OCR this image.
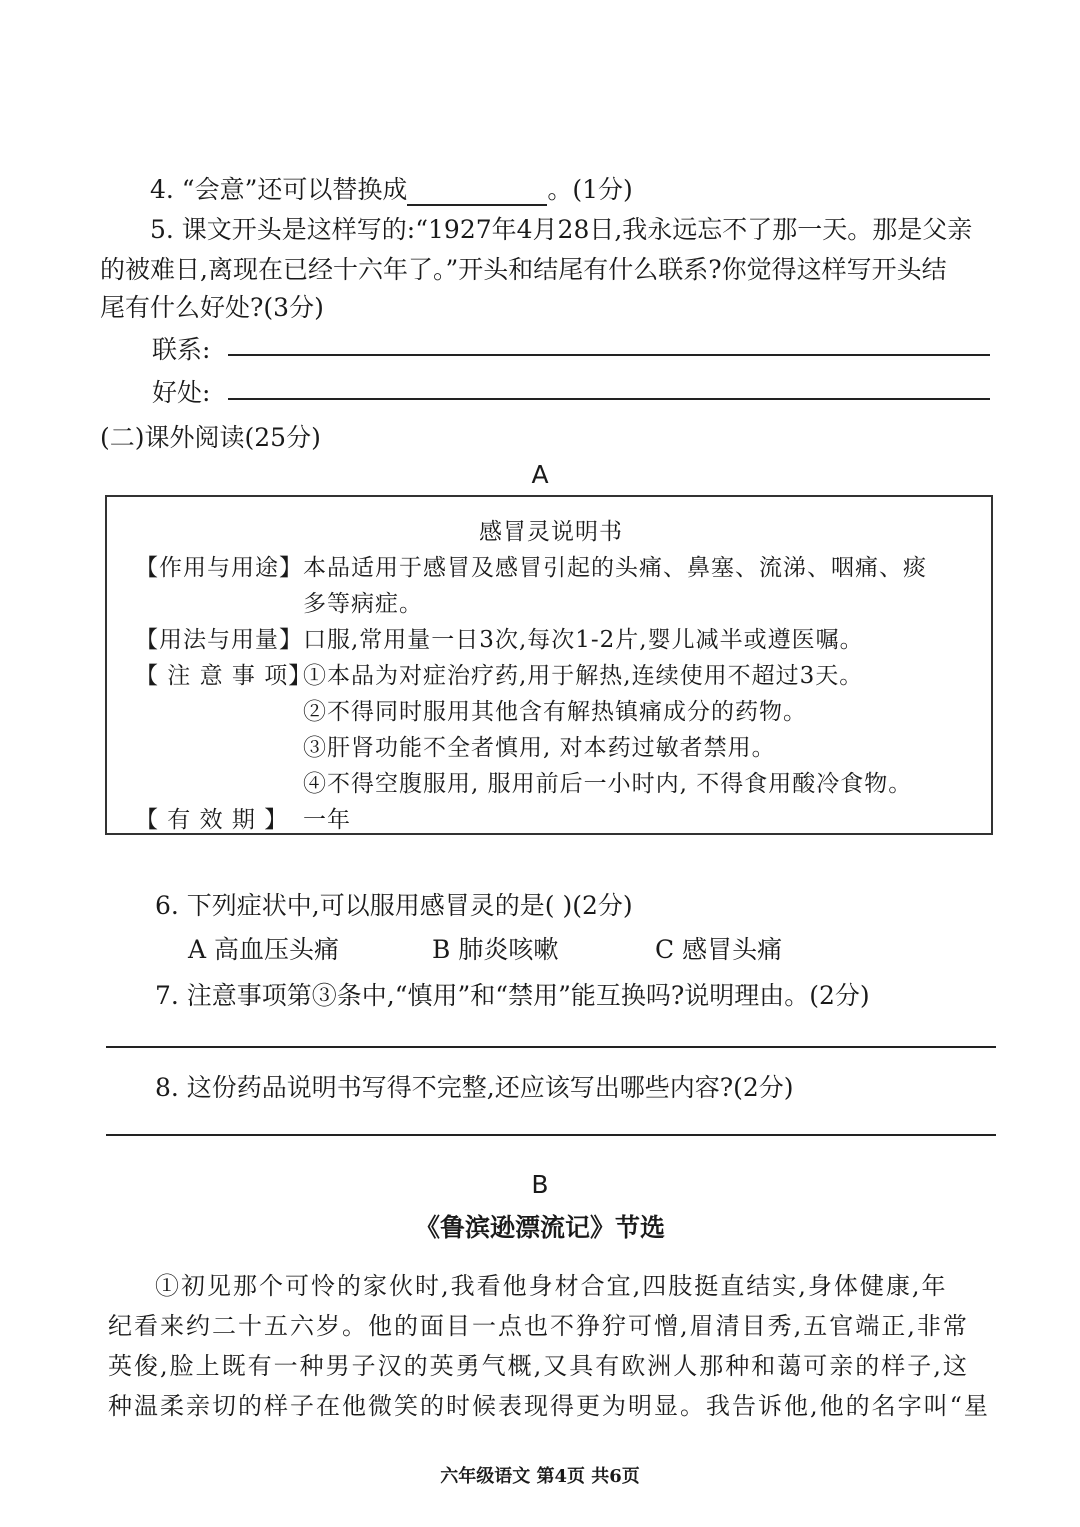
4. “会意”还可以替换成	。(1分)
5. 课文开头是这样写的:“1927年4月28日,我永远忘不了那一天。那是父亲
的被难日,离现在已经十六年了。”开头和结尾有什么联系?你觉得这样写开头结
尾有什么好处?(3分)
联系:
好处:
(二)课外阅读(25分)
A
感冒灵说明书
【作用与用途】 本品适用于感冒及感冒引起的头痛、鼻塞、流涕、咽痛、痰
多等病症。
【用法与用量】 口服,常用量一日3次,每次1-2片,婴儿减半或遵医嘱。
【 注 意 事 项】
①本品为对症治疗药,用于解热,连续使用不超过3天。
②不得同时服用其他含有解热镇痛成分的药物。
③肝肾功能不全者慎用, 对本药过敏者禁用。
④不得空腹服用, 服用前后一小时内, 不得食用酸冷食物。
【 有 效 期 】 一年
6. 下列症状中,可以服用感冒灵的是( )(2分)
A 高血压头痛	B 肺炎咳嗽	C 感冒头痛
7. 注意事项第③条中,“慎用”和“禁用”能互换吗?说明理由。(2分)
8. 这份药品说明书写得不完整,还应该写出哪些内容?(2分)
B
《鲁滨逊漂流记》节选
①初见那个可怜的家伙时,我看他身材合宜,四肢挺直结实,身体健康,年
纪看来约二十五六岁。他的面目一点也不狰狞可憎,眉清目秀,五官端正,非常
英俊,脸上既有一种男子汉的英勇气概,又具有欧洲人那种和蔼可亲的样子,这
种温柔亲切的样子在他微笑的时候表现得更为明显。我告诉他,他的名字叫“星
六年级语文 第4页 共6页
